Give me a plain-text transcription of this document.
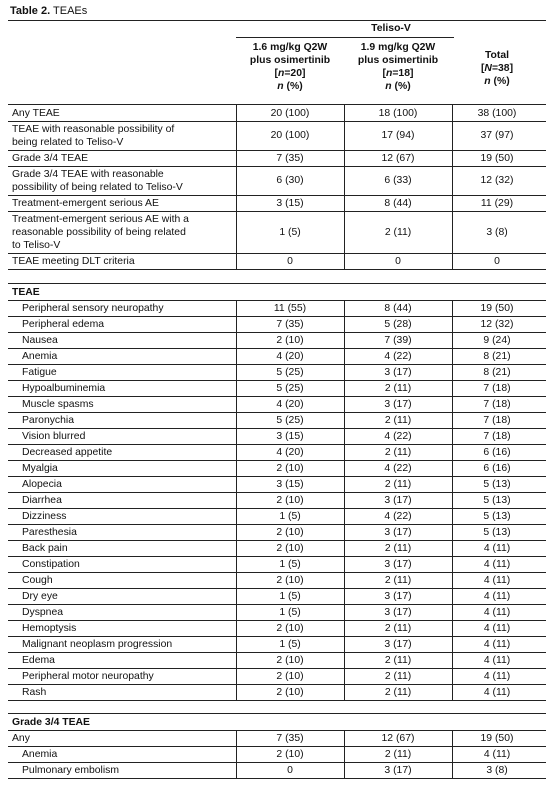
Table 2. TEAEs
Teliso-V
1.6 mg/kg Q2W
plus osimertinib
[n=20]
n (%)
1.9 mg/kg Q2W
plus osimertinib
[n=18]
n (%)
Total
[N=38]
n (%)
Any TEAE	20 (100)	18 (100)	38 (100)
TEAE with reasonable possibility of
being related to Teliso-V
20 (100)	17 (94)	37 (97)
Grade 3/4 TEAE	7 (35)	12 (67)	19 (50)
Grade 3/4 TEAE with reasonable
possibility of being related to Teliso-V
6 (30)	6 (33)	12 (32)
Treatment-emergent serious AE	3 (15)	8 (44)	11 (29)
Treatment-emergent serious AE with a
reasonable possibility of being related
to Teliso-V
1 (5)	2 (11)	3 (8)
TEAE meeting DLT criteria	0	0	0
TEAE
Peripheral sensory neuropathy	11 (55)	8 (44)	19 (50)
Peripheral edema	7 (35)	5 (28)	12 (32)
Nausea	2 (10)	7 (39)	9 (24)
Anemia	4 (20)	4 (22)	8 (21)
Fatigue	5 (25)	3 (17)	8 (21)
Hypoalbuminemia	5 (25)	2 (11)	7 (18)
Muscle spasms	4 (20)	3 (17)	7 (18)
Paronychia	5 (25)	2 (11)	7 (18)
Vision blurred	3 (15)	4 (22)	7 (18)
Decreased appetite	4 (20)	2 (11)	6 (16)
Myalgia	2 (10)	4 (22)	6 (16)
Alopecia	3 (15)	2 (11)	5 (13)
Diarrhea	2 (10)	3 (17)	5 (13)
Dizziness	1 (5)	4 (22)	5 (13)
Paresthesia	2 (10)	3 (17)	5 (13)
Back pain	2 (10)	2 (11)	4 (11)
Constipation	1 (5)	3 (17)	4 (11)
Cough	2 (10)	2 (11)	4 (11)
Dry eye	1 (5)	3 (17)	4 (11)
Dyspnea	1 (5)	3 (17)	4 (11)
Hemoptysis	2 (10)	2 (11)	4 (11)
Malignant neoplasm progression	1 (5)	3 (17)	4 (11)
Edema	2 (10)	2 (11)	4 (11)
Peripheral motor neuropathy	2 (10)	2 (11)	4 (11)
Rash	2 (10)	2 (11)	4 (11)
Grade 3/4 TEAE
Any	7 (35)	12 (67)	19 (50)
Anemia	2 (10)	2 (11)	4 (11)
Pulmonary embolism	0	3 (17)	3 (8)
